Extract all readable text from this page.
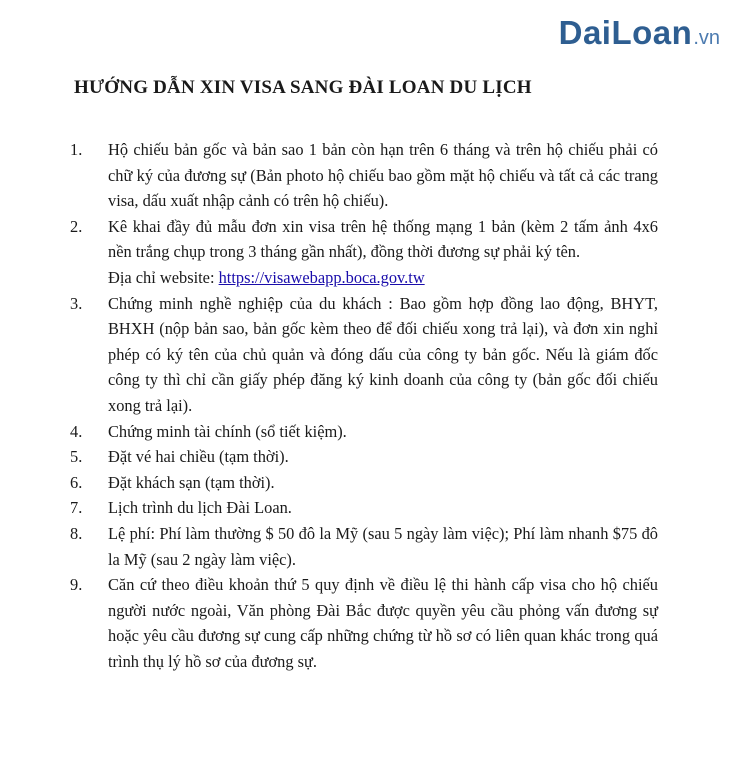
DaiLoan.vn
HƯỚNG DẪN XIN VISA SANG ĐÀI LOAN DU LỊCH
1.	Hộ chiếu bản gốc và bản sao 1 bản còn hạn trên 6 tháng và trên hộ chiếu phải có chữ ký của đương sự (Bản photo hộ chiếu bao gồm mặt hộ chiếu và tất cả các trang visa, dấu xuất nhập cảnh có trên hộ chiếu).
2.	Kê khai đầy đủ mẫu đơn xin visa trên hệ thống mạng 1 bản (kèm 2 tấm ảnh 4x6 nền trắng chụp trong 3 tháng gần nhất), đồng thời đương sự phải ký tên.
Địa chỉ website: https://visawebapp.boca.gov.tw
3.	Chứng minh nghề nghiệp của du khách : Bao gồm hợp đồng lao động, BHYT, BHXH (nộp bản sao, bản gốc kèm theo để đối chiếu xong trả lại), và đơn xin nghỉ phép có ký tên của chủ quản và đóng dấu của công ty bản gốc. Nếu là giám đốc công ty thì chỉ cần giấy phép đăng ký kinh doanh của công ty (bản gốc đối chiếu xong trả lại).
4.	Chứng minh tài chính (sổ tiết kiệm).
5.	Đặt vé hai chiều (tạm thời).
6.	Đặt khách sạn (tạm thời).
7.	Lịch trình du lịch Đài Loan.
8.	Lệ phí: Phí làm thường $ 50 đô la Mỹ (sau 5 ngày làm việc); Phí làm nhanh $75 đô la Mỹ (sau 2 ngày làm việc).
9.	Căn cứ theo điều khoản thứ 5 quy định về điều lệ thi hành cấp visa cho hộ chiếu người nước ngoài, Văn phòng Đài Bắc được quyền yêu cầu phỏng vấn đương sự hoặc yêu cầu đương sự cung cấp những chứng từ hồ sơ có liên quan khác trong quá trình thụ lý hồ sơ của đương sự.
